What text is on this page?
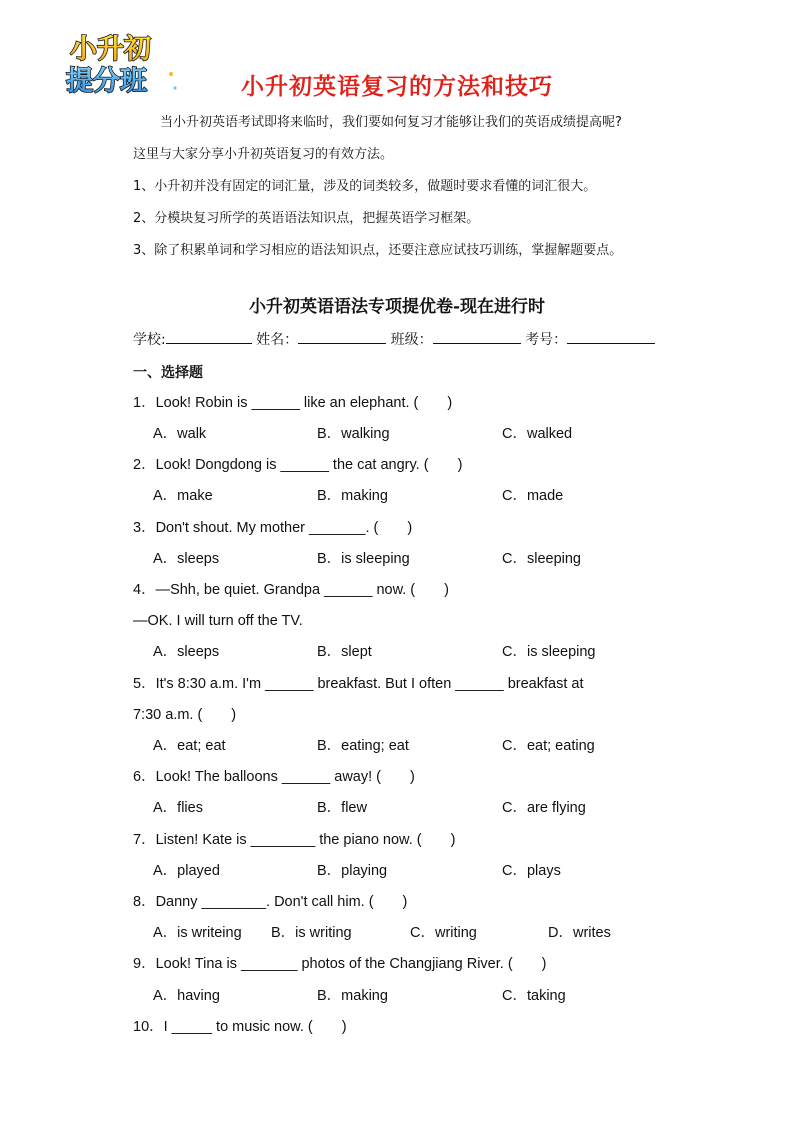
小升初
提分班	小升初英语复习的方法和技巧
当小升初英语考试即将来临时，我们要如何复习才能够让我们的英语成绩提高呢?
这里与大家分享小升初英语复习的有效方法。
1、小升初并没有固定的词汇量，涉及的词类较多，做题时要求看懂的词汇很大。
2、分模块复习所学的英语语法知识点，把握英语学习框架。
3、除了积累单词和学习相应的语法知识点，还要注意应试技巧训练，掌握解题要点。
小升初英语语法专项提优卷-现在进行时
学校:	姓名：	班级：	考号：
一、选择题
1．Look! Robin is ______ like an elephant. (　　)
A．walk	B．walking	C．walked
2．Look! Dongdong is ______ the cat angry. (　　)
A．make	B．making	C．made
3．Don't shout. My mother _______. (　　)
A．sleeps	B．is sleeping	C．sleeping
4．—Shh, be quiet. Grandpa ______ now. (　　)
—OK. I will turn off the TV.
A．sleeps	B．slept	C．is sleeping
5．It's 8:30 a.m. I'm ______ breakfast. But I often ______ breakfast at
7:30 a.m. (　　)
A．eat; eat	B．eating; eat	C．eat; eating
6．Look! The balloons ______ away! (　　)
A．flies	B．flew	C．are flying
7．Listen! Kate is ________ the piano now. (　　)
A．played	B．playing	C．plays
8．Danny ________. Don't call him. (　　)
A．is writeing B．is writing	C．writing	D．writes
9．Look! Tina is _______ photos of the Changjiang River. (　　)
A．having	B．making	C．taking
10．I _____ to music now. (　　)
